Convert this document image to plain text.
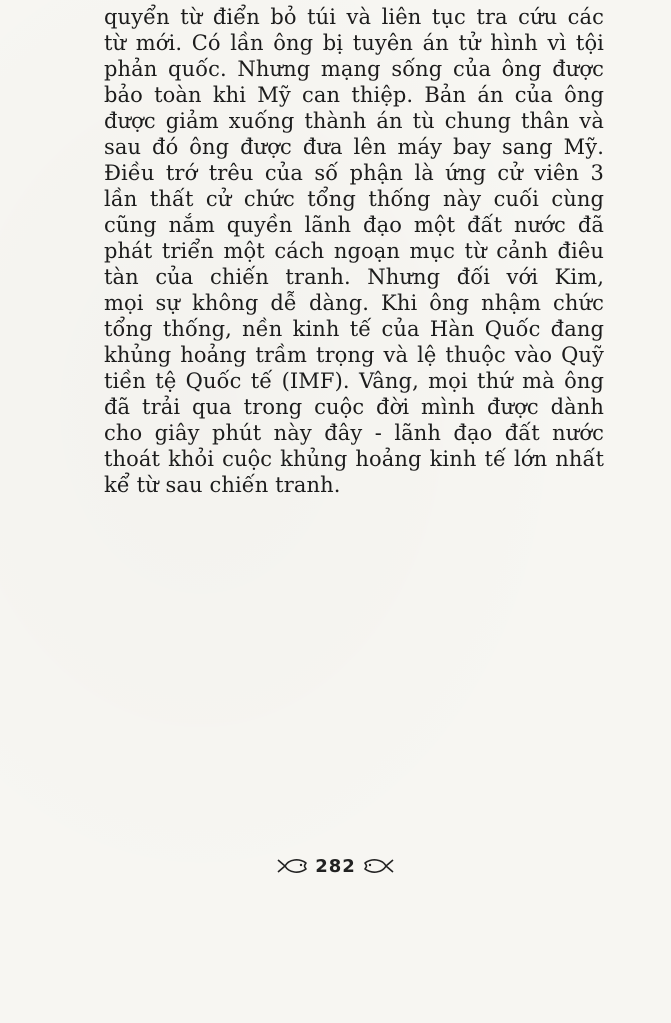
quyển từ điển bỏ túi và liên tục tra cứu các
từ mới. Có lần ông bị tuyên án tử hình vì tội
phản quốc. Nhưng mạng sống của ông được
bảo toàn khi Mỹ can thiệp. Bản án của ông
được giảm xuống thành án tù chung thân và
sau đó ông được đưa lên máy bay sang Mỹ.
Điều trớ trêu của số phận là ứng cử viên 3
lần thất cử chức tổng thống này cuối cùng
cũng nắm quyền lãnh đạo một đất nước đã
phát triển một cách ngoạn mục từ cảnh điêu
tàn của chiến tranh. Nhưng đối với Kim,
mọi sự không dễ dàng. Khi ông nhậm chức
tổng thống, nền kinh tế của Hàn Quốc đang
khủng hoảng trầm trọng và lệ thuộc vào Quỹ
tiền tệ Quốc tế (IMF). Vâng, mọi thứ mà ông
đã trải qua trong cuộc đời mình được dành
cho giây phút này đây - lãnh đạo đất nước
thoát khỏi cuộc khủng hoảng kinh tế lớn nhất
kể từ sau chiến tranh.
282
